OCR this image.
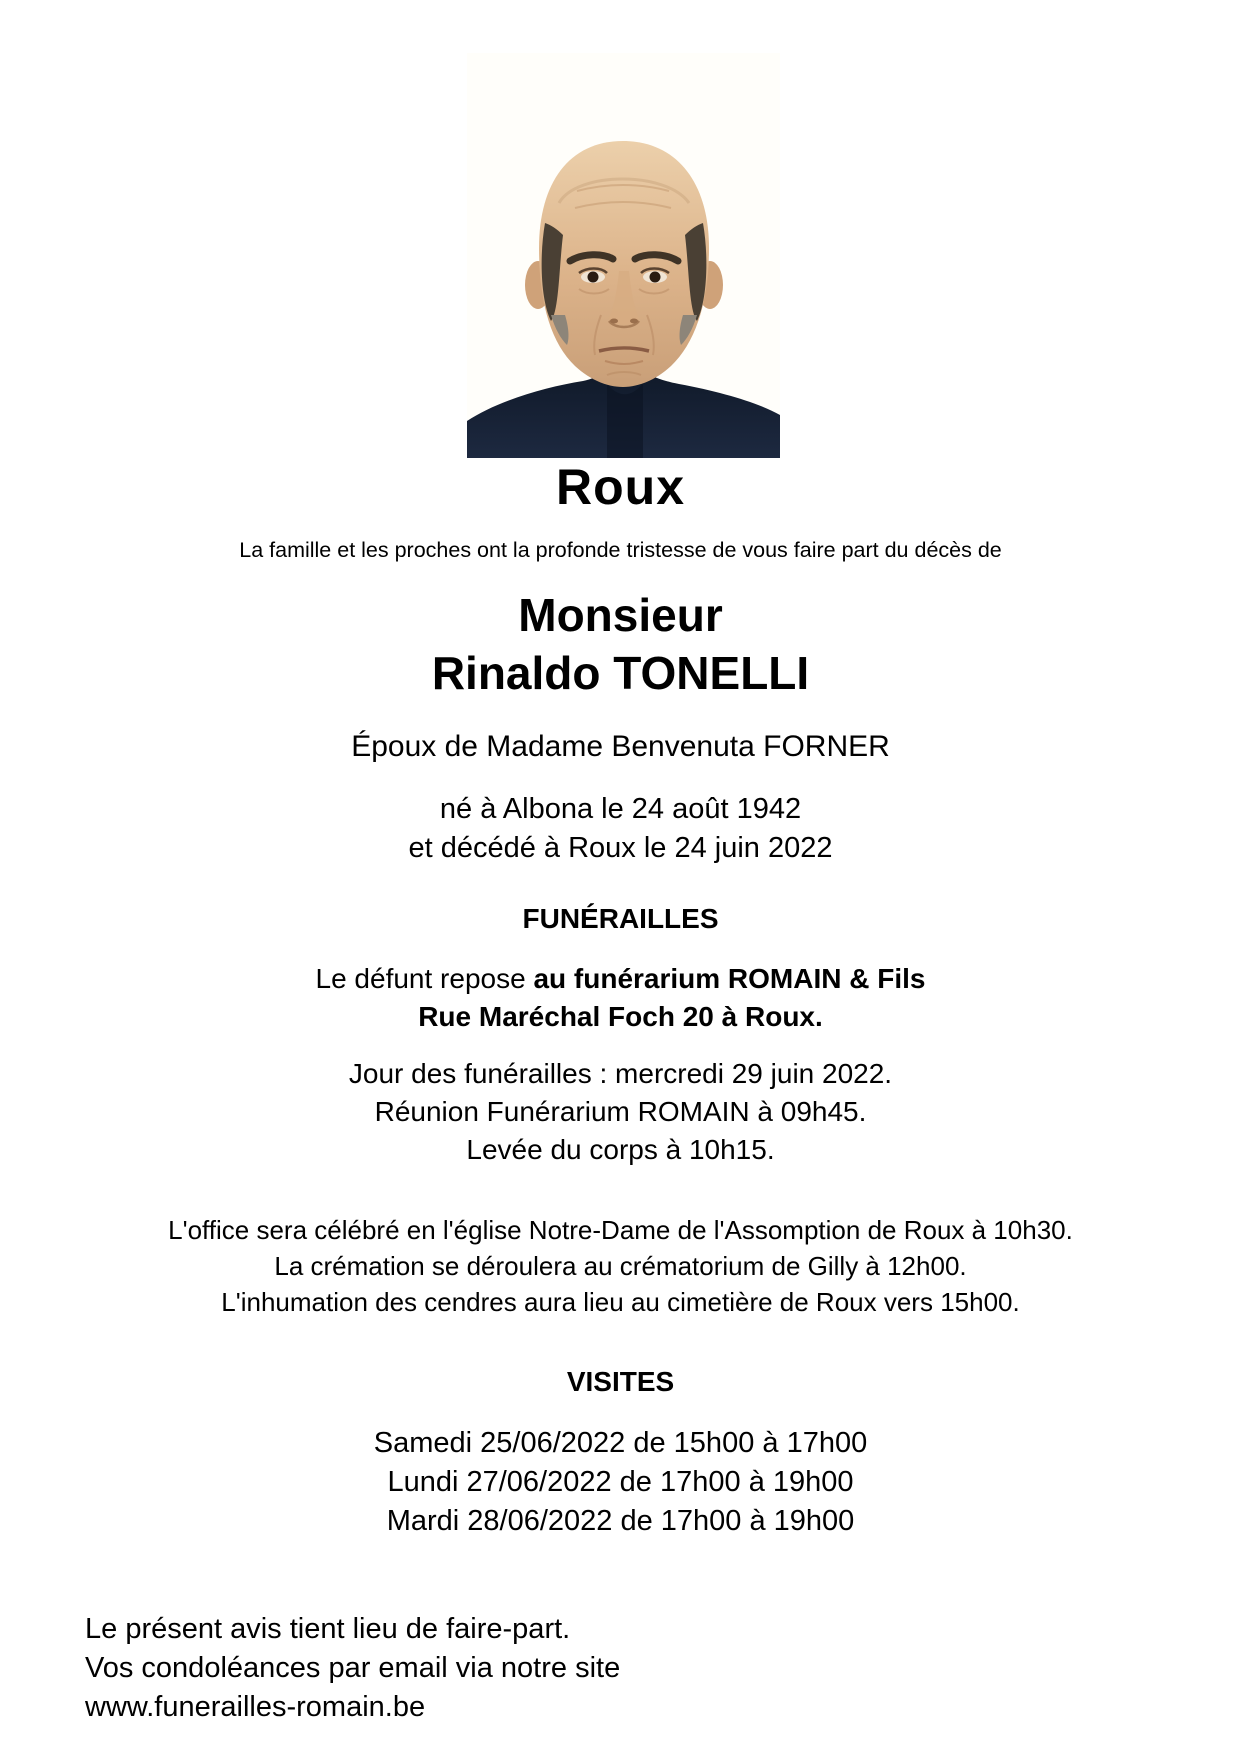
Roux
La famille et les proches ont la profonde tristesse de vous faire part du décès de
Monsieur
Rinaldo TONELLI
Époux de Madame Benvenuta FORNER
né à Albona le 24 août 1942
et décédé à Roux le 24 juin 2022
FUNÉRAILLES
Le défunt repose au funérarium ROMAIN & Fils
Rue Maréchal Foch 20 à Roux.
Jour des funérailles : mercredi 29 juin 2022.
Réunion Funérarium ROMAIN à 09h45.
Levée du corps à 10h15.
L'office sera célébré en l'église Notre-Dame de l'Assomption de Roux à 10h30.
La crémation se déroulera au crématorium de Gilly à 12h00.
L'inhumation des cendres aura lieu au cimetière de Roux vers 15h00.
VISITES
Samedi 25/06/2022 de 15h00 à 17h00
Lundi 27/06/2022 de 17h00 à 19h00
Mardi 28/06/2022 de 17h00 à 19h00
Le présent avis tient lieu de faire-part.
Vos condoléances par email via notre site
www.funerailles-romain.be
